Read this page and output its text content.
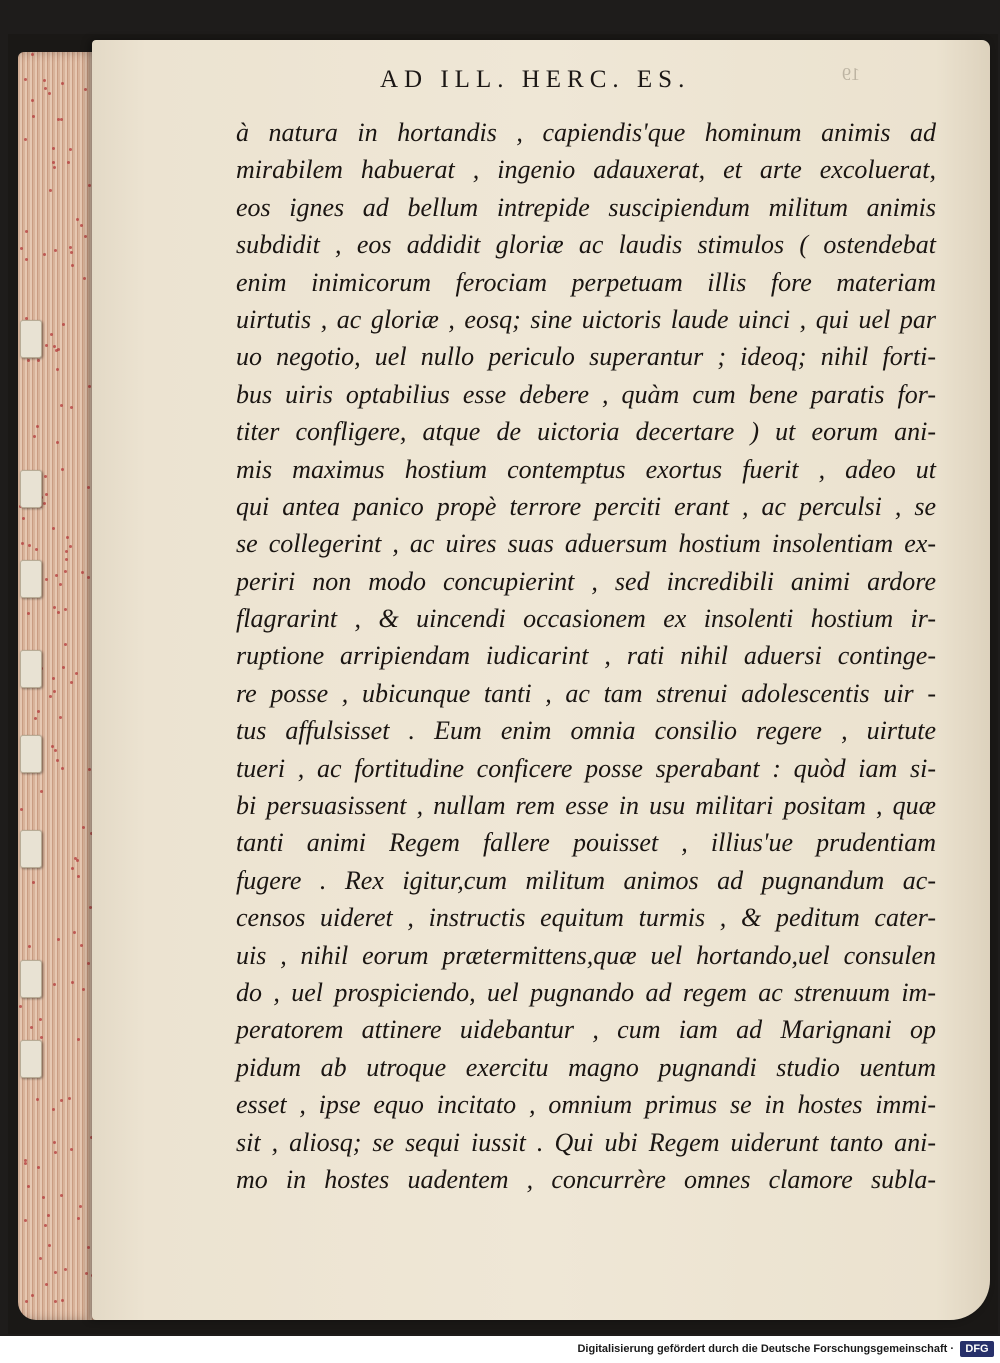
AD ILL. HERC. ES.	19
à natura in hortandis , capiendis'que hominum animis ad
mirabilem habuerat , ingenio adauxerat, et arte excoluerat,
eos ignes ad bellum intrepide suscipiendum militum animis
subdidit , eos addidit gloriæ ac laudis stimulos ( ostendebat
enim inimicorum ferociam perpetuam illis fore materiam
uirtutis , ac gloriæ , eosq; sine uictoris laude uinci , qui uel par
uo negotio, uel nullo periculo superantur ; ideoq; nihil forti-
bus uiris optabilius esse debere , quàm cum bene paratis for-
titer confligere, atque de uictoria decertare ) ut eorum ani-
mis maximus hostium contemptus exortus fuerit , adeo ut
qui antea panico propè terrore perciti erant , ac perculsi , se
se collegerint , ac uires suas aduersum hostium insolentiam ex-
periri non modo concupierint , sed incredibili animi ardore
flagrarint , & uincendi occasionem ex insolenti hostium ir-
ruptione arripiendam iudicarint , rati nihil aduersi continge-
re posse , ubicunque tanti , ac tam strenui adolescentis uir -
tus affulsisset . Eum enim omnia consilio regere , uirtute
tueri , ac fortitudine conficere posse sperabant : quòd iam si-
bi persuasissent , nullam rem esse in usu militari positam , quæ
tanti animi Regem fallere pouisset , illius'ue prudentiam
fugere . Rex igitur,cum militum animos ad pugnandum ac-
censos uideret , instructis equitum turmis , & peditum cater-
uis , nihil eorum prætermittens,quæ uel hortando,uel consulen
do , uel prospiciendo, uel pugnando ad regem ac strenuum im-
peratorem attinere uidebantur , cum iam ad Marignani op
pidum ab utroque exercitu magno pugnandi studio uentum
esset , ipse equo incitato , omnium primus se in hostes immi-
sit , aliosq; se sequi iussit . Qui ubi Regem uiderunt tanto ani-
mo in hostes uadentem , concurrère omnes clamore subla-
Digitalisierung gefördert durch die Deutsche Forschungsgemeinschaft ·	DFG
